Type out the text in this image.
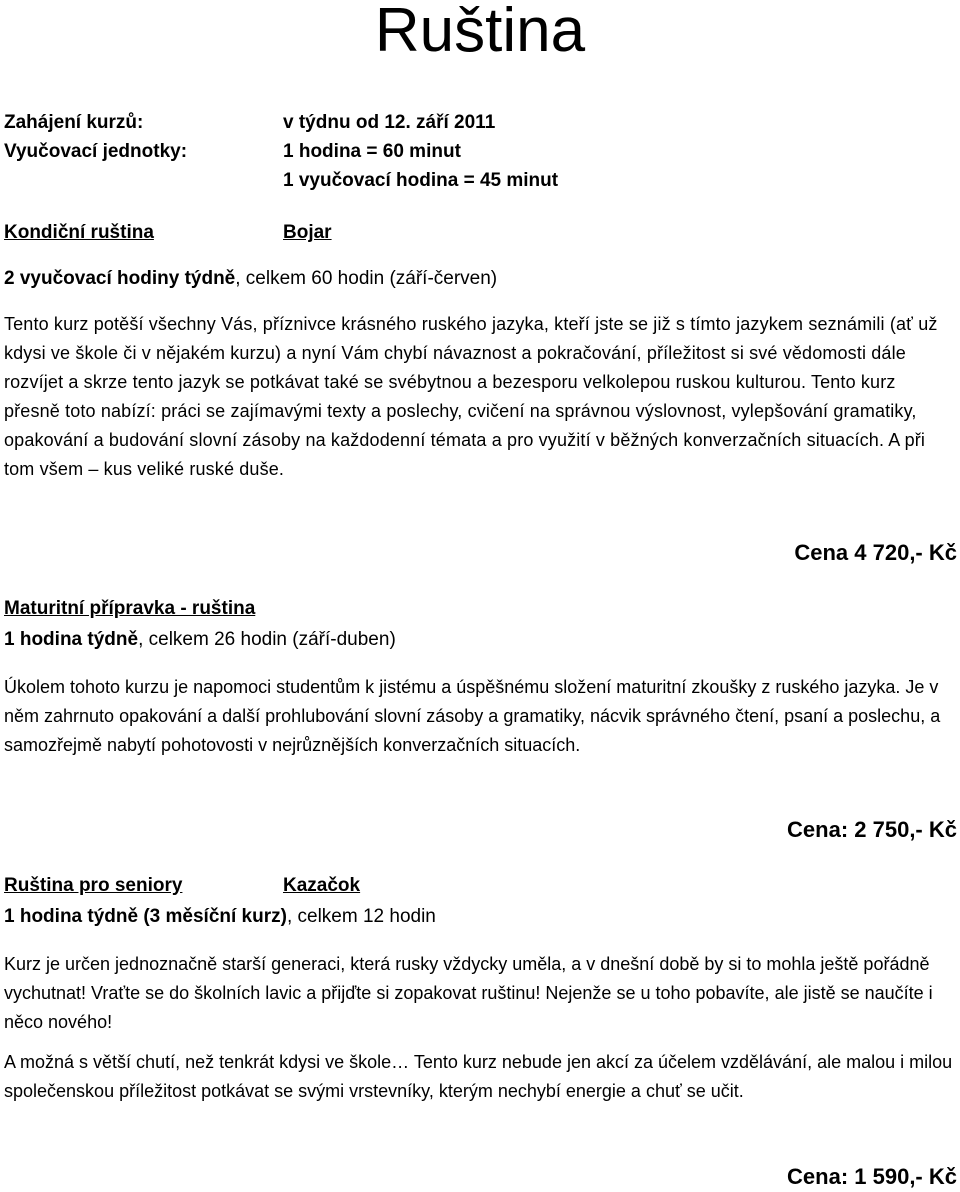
Ruština
Zahájení kurzů:	v týdnu od 12. září 2011
Vyučovací jednotky:	1 hodina = 60 minut
1 vyučovací hodina = 45 minut
Kondiční ruština	Bojar
2 vyučovací hodiny týdně, celkem 60 hodin (září-červen)
Tento kurz potěší všechny Vás, příznivce krásného ruského jazyka, kteří jste se již s tímto jazykem seznámili (ať už kdysi ve škole či v nějakém kurzu) a nyní Vám chybí návaznost a pokračování, příležitost si své vědomosti dále rozvíjet a skrze tento jazyk se potkávat také se svébytnou a bezesporu velkolepou ruskou kulturou. Tento kurz přesně toto nabízí: práci se zajímavými texty a poslechy, cvičení na správnou výslovnost, vylepšování gramatiky, opakování a budování slovní zásoby na každodenní témata a pro využití v běžných konverzačních situacích. A při tom všem – kus veliké ruské duše.
Cena 4 720,- Kč
Maturitní přípravka - ruština
1 hodina týdně, celkem 26 hodin (září-duben)
Úkolem tohoto kurzu je napomoci studentům k jistému a úspěšnému složení maturitní zkoušky z ruského jazyka. Je v něm zahrnuto opakování a další prohlubování slovní zásoby a gramatiky, nácvik správného čtení, psaní a poslechu, a samozřejmě nabytí pohotovosti v nejrůznějších konverzačních situacích.
Cena: 2 750,- Kč
Ruština pro seniory	Kazačok
1 hodina týdně (3 měsíční kurz), celkem 12 hodin
Kurz je určen jednoznačně starší generaci, která rusky vždycky uměla, a v dnešní době by si to mohla ještě pořádně vychutnat! Vraťte se do školních lavic a přijďte si zopakovat ruštinu! Nejenže se u toho pobavíte, ale jistě se naučíte i něco nového!
A možná s větší chutí, než tenkrát kdysi ve škole… Tento kurz nebude jen akcí za účelem vzdělávání, ale malou i milou společenskou příležitost potkávat se svými vrstevníky, kterým nechybí energie a chuť se učit.
Cena: 1 590,- Kč
